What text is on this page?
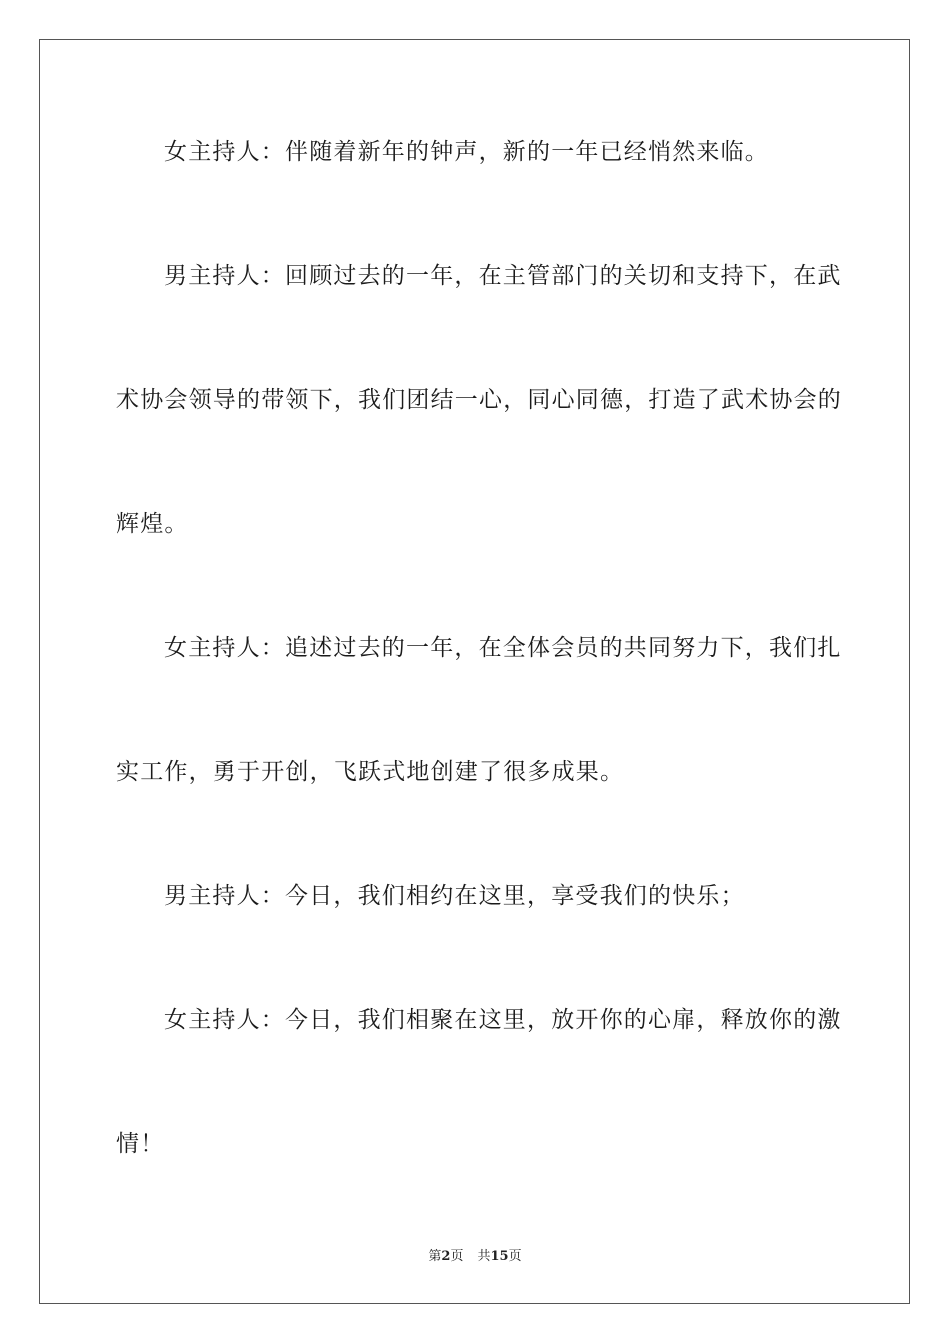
女主持人：伴随着新年的钟声，新的一年已经悄然来临。
男主持人：回顾过去的一年，在主管部门的关切和支持下，在武
术协会领导的带领下，我们团结一心，同心同德，打造了武术协会的
辉煌。
女主持人：追述过去的一年，在全体会员的共同努力下，我们扎
实工作，勇于开创，飞跃式地创建了很多成果。
男主持人：今日，我们相约在这里，享受我们的快乐；
女主持人：今日，我们相聚在这里，放开你的心扉，释放你的激
情！
第2页 共15页
